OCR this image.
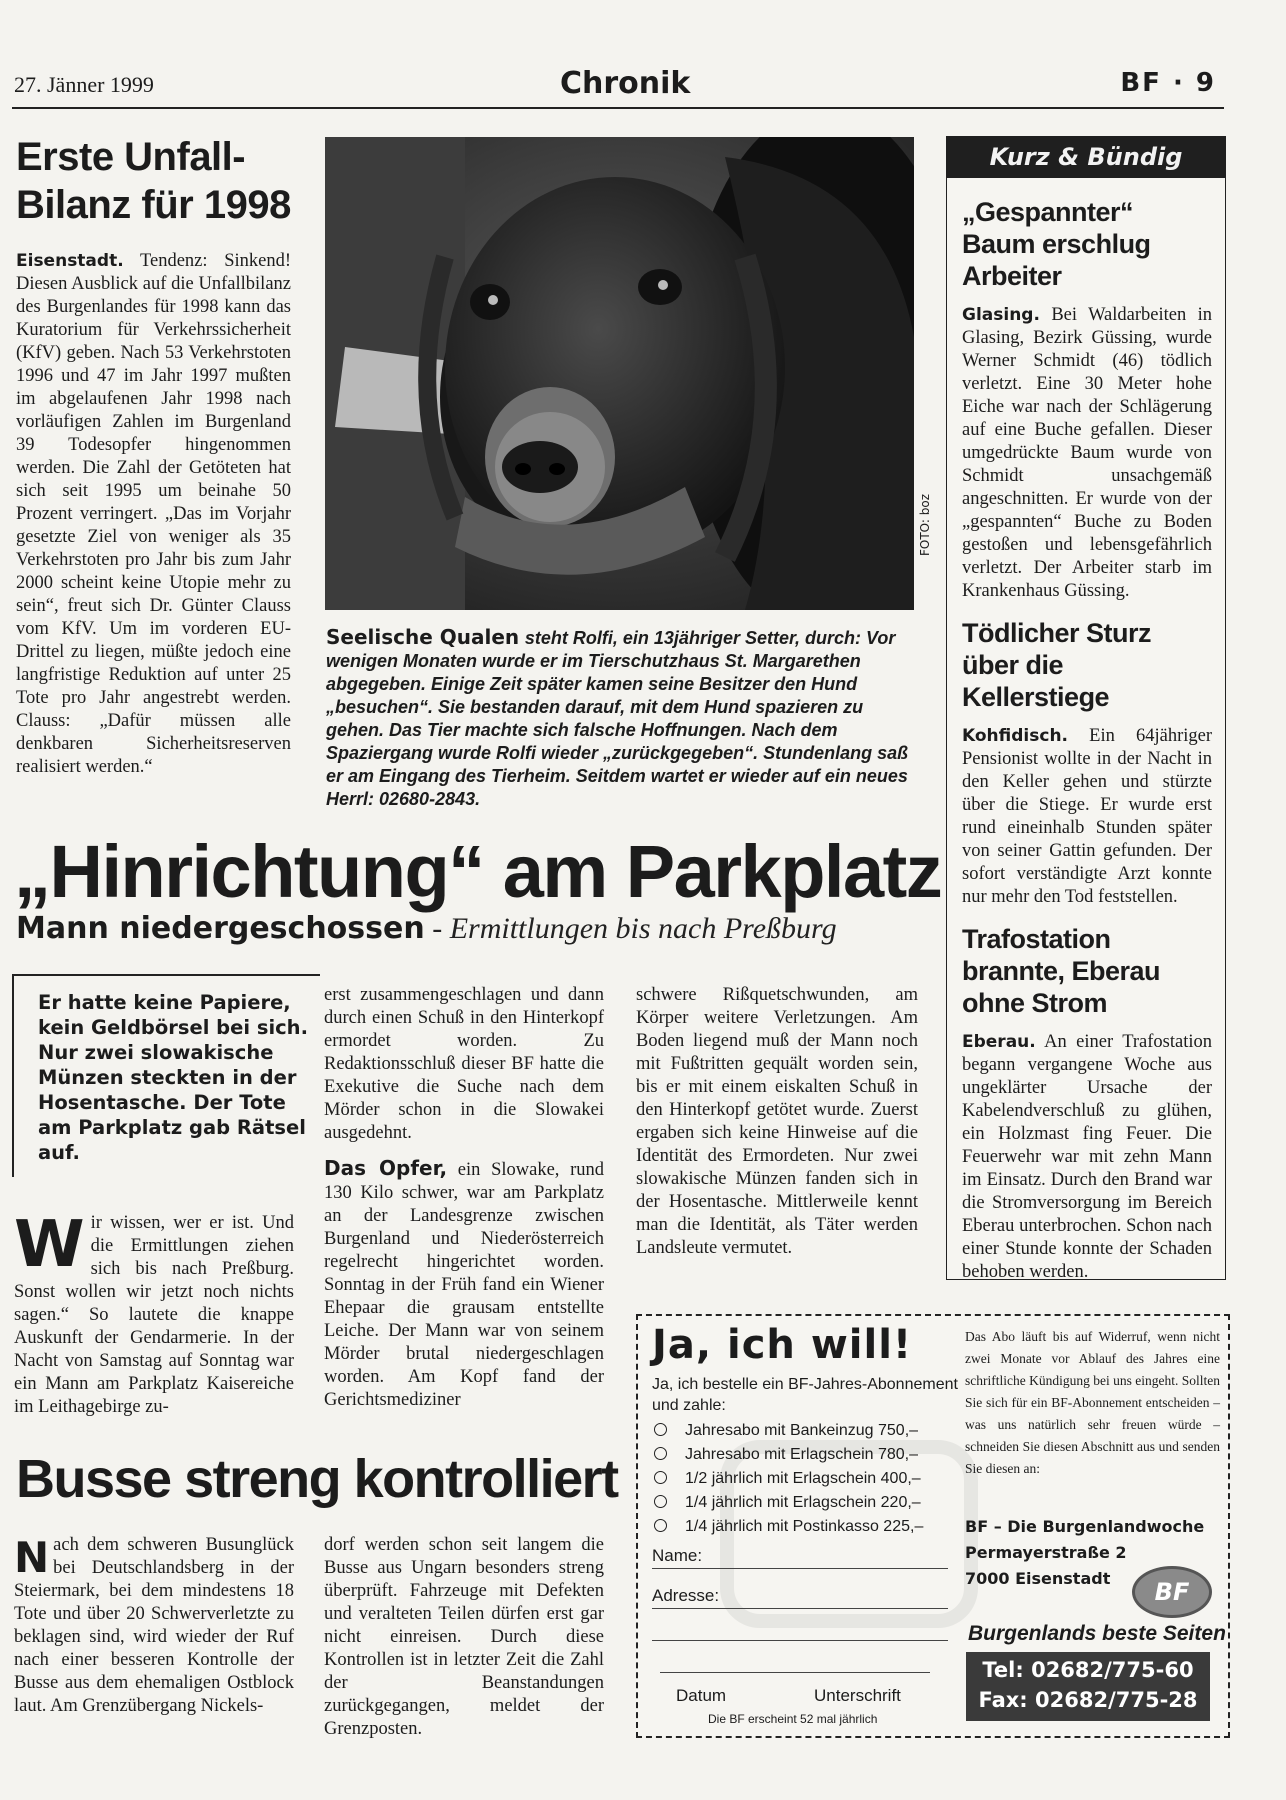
27. Jänner 1999	Chronik	BF · 9
Erste Unfall-
Bilanz für 1998

Eisenstadt. Tendenz: Sinkend! Diesen Ausblick auf die Unfallbilanz des Burgenlandes für 1998 kann das Kuratorium für Verkehrssicherheit (KfV) geben. Nach 53 Verkehrstoten 1996 und 47 im Jahr 1997 mußten im abgelaufenen Jahr 1998 nach vorläufigen Zahlen im Burgenland 39 Todesopfer hingenommen werden. Die Zahl der Getöteten hat sich seit 1995 um beinahe 50 Prozent verringert. „Das im Vorjahr gesetzte Ziel von weniger als 35 Verkehrstoten pro Jahr bis zum Jahr 2000 scheint keine Utopie mehr zu sein“, freut sich Dr. Günter Clauss vom KfV. Um im vorderen EU-Drittel zu liegen, müßte jedoch eine langfristige Reduktion auf unter 25 Tote pro Jahr angestrebt werden. Clauss: „Dafür müssen alle denkbaren Sicherheitsreserven realisiert werden.“

FOTO: boz
Seelische Qualen steht Rolfi, ein 13jähriger Setter, durch: Vor wenigen Monaten wurde er im Tierschutzhaus St. Margarethen abgegeben. Einige Zeit später kamen seine Besitzer den Hund „besuchen“. Sie bestanden darauf, mit dem Hund spazieren zu gehen. Das Tier machte sich falsche Hoffnungen. Nach dem Spaziergang wurde Rolfi wieder „zurückgegeben“. Stundenlang saß er am Eingang des Tierheim. Seitdem wartet er wieder auf ein neues Herrl: 02680-2843.
Kurz & Bündig
„Gespannter“ Baum erschlug Arbeiter

Glasing. Bei Waldarbeiten in Glasing, Bezirk Güssing, wurde Werner Schmidt (46) tödlich verletzt. Eine 30 Meter hohe Eiche war nach der Schlägerung auf eine Buche gefallen. Dieser umgedrückte Baum wurde von Schmidt unsachgemäß angeschnitten. Er wurde von der „gespannten“ Buche zu Boden gestoßen und lebensgefährlich verletzt. Der Arbeiter starb im Krankenhaus Güssing.

Tödlicher Sturz über die Kellerstiege

Kohfidisch. Ein 64jähriger Pensionist wollte in der Nacht in den Keller gehen und stürzte über die Stiege. Er wurde erst rund eineinhalb Stunden später von seiner Gattin gefunden. Der sofort verständigte Arzt konnte nur mehr den Tod feststellen.

Trafostation brannte, Eberau ohne Strom

Eberau. An einer Trafostation begann vergangene Woche aus ungeklärter Ursache der Kabelendverschluß zu glühen, ein Holzmast fing Feuer. Die Feuerwehr war mit zehn Mann im Einsatz. Durch den Brand war die Stromversorgung im Bereich Eberau unterbrochen. Schon nach einer Stunde konnte der Schaden behoben werden.

„Hinrichtung“ am Parkplatz
Mann niedergeschossen - Ermittlungen bis nach Preßburg
Er hatte keine Papiere, kein Geldbörsel bei sich. Nur zwei slowakische Münzen steckten in der Hosentasche. Der Tote am Parkplatz gab Rätsel auf.

Wir wissen, wer er ist. Und die Ermittlungen ziehen sich bis nach Preßburg. Sonst wollen wir jetzt noch nichts sagen.“ So lautete die knappe Auskunft der Gendarmerie. In der Nacht von Samstag auf Sonntag war ein Mann am Parkplatz Kaisereiche im Leithagebirge zu-

erst zusammengeschlagen und dann durch einen Schuß in den Hinterkopf ermordet worden. Zu Redaktionsschluß dieser BF hatte die Exekutive die Suche nach dem Mörder schon in die Slowakei ausgedehnt.

Das Opfer, ein Slowake, rund 130 Kilo schwer, war am Parkplatz an der Landesgrenze zwischen Burgenland und Niederösterreich regelrecht hingerichtet worden. Sonntag in der Früh fand ein Wiener Ehepaar die grausam entstellte Leiche. Der Mann war von seinem Mörder brutal niedergeschlagen worden. Am Kopf fand der Gerichtsmediziner

schwere Rißquetschwunden, am Körper weitere Verletzungen. Am Boden liegend muß der Mann noch mit Fußtritten gequält worden sein, bis er mit einem eiskalten Schuß in den Hinterkopf getötet wurde. Zuerst ergaben sich keine Hinweise auf die Identität des Ermordeten. Nur zwei slowakische Münzen fanden sich in der Hosentasche. Mittlerweile kennt man die Identität, als Täter werden Landsleute vermutet.

Busse streng kontrolliert

Nach dem schweren Busunglück bei Deutschlandsberg in der Steiermark, bei dem mindestens 18 Tote und über 20 Schwerverletzte zu beklagen sind, wird wieder der Ruf nach einer besseren Kontrolle der Busse aus dem ehemaligen Ostblock laut. Am Grenzübergang Nickels-

dorf werden schon seit langem die Busse aus Ungarn besonders streng überprüft. Fahrzeuge mit Defekten und veralteten Teilen dürfen erst gar nicht einreisen. Durch diese Kontrollen ist in letzter Zeit die Zahl der Beanstandungen zurückgegangen, meldet der Grenzposten.

Ja, ich will!
Ja, ich bestelle ein BF-Jahres-Abonnement und zahle:
Jahresabo mit Bankeinzug 750,–
Jahresabo mit Erlagschein 780,–
1/2 jährlich mit Erlagschein 400,–
1/4 jährlich mit Erlagschein 220,–
1/4 jährlich mit Postinkasso 225,–
Name:
Adresse:
Datum	Unterschrift
Die BF erscheint 52 mal jährlich
Das Abo läuft bis auf Widerruf, wenn nicht zwei Monate vor Ablauf des Jahres eine schriftliche Kündigung bei uns eingeht. Sollten Sie sich für ein BF-Abonnement entscheiden – was uns natürlich sehr freuen würde – schneiden Sie diesen Abschnitt aus und senden Sie diesen an:
BF – Die Burgenlandwoche
Permayerstraße 2
7000 Eisenstadt	BF
Burgenlands beste Seiten
Tel: 02682/775-60
Fax: 02682/775-28
